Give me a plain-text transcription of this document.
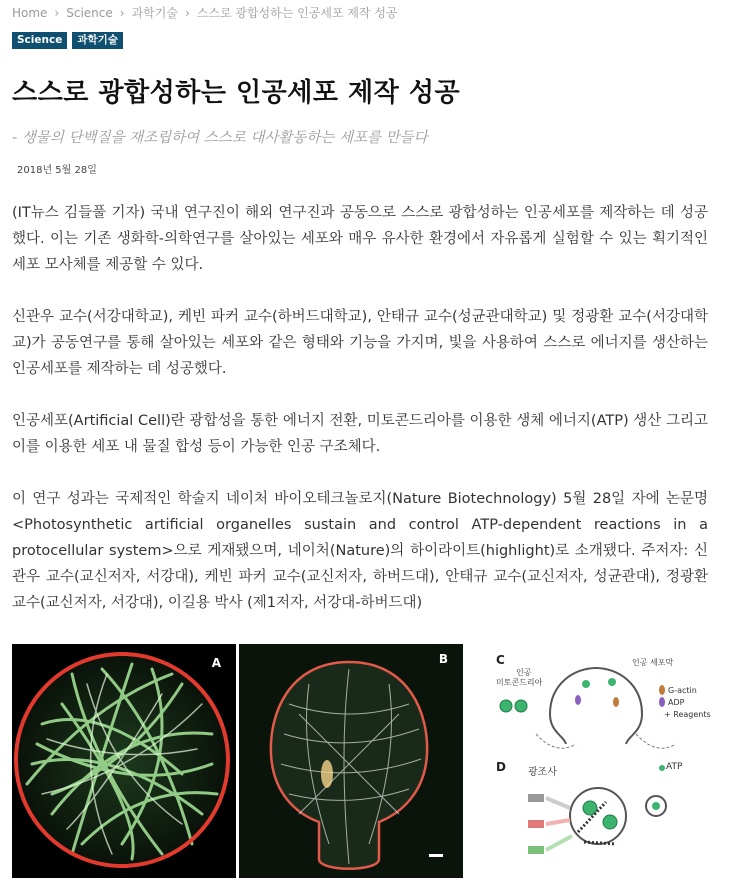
Home › Science › 과학기술 › 스스로 광합성하는 인공세포 제작 성공
Science	과학기술
스스로 광합성하는 인공세포 제작 성공
- 생물의 단백질을 재조립하여 스스로 대사활동하는 세포를 만들다
2018년 5월 28일

(IT뉴스 김들풀 기자) 국내 연구진이 해외 연구진과 공동으로 스스로 광합성하는 인공세포를 제작하는 데 성공했다. 이는 기존 생화학-의학연구를 살아있는 세포와 매우 유사한 환경에서 자유롭게 실험할 수 있는 획기적인 세포 모사체를 제공할 수 있다.

신관우 교수(서강대학교), 케빈 파커 교수(하버드대학교), 안태규 교수(성균관대학교) 및 정광환 교수(서강대학교)가 공동연구를 통해 살아있는 세포와 같은 형태와 기능을 가지며, 빛을 사용하여 스스로 에너지를 생산하는 인공세포를 제작하는 데 성공했다.

인공세포(Artificial Cell)란 광합성을 통한 에너지 전환, 미토콘드리아를 이용한 생체 에너지(ATP) 생산 그리고 이를 이용한 세포 내 물질 합성 등이 가능한 인공 구조체다.

이 연구 성과는 국제적인 학술지 네이처 바이오테크놀로지(Nature Biotechnology) 5월 28일 자에 논문명 <Photosynthetic artificial organelles sustain and control ATP-dependent reactions in a protocellular system>으로 게재됐으며, 네이처(Nature)의 하이라이트(highlight)로 소개됐다. 주저자: 신관우 교수(교신저자, 서강대), 케빈 파커 교수(교신저자, 하버드대), 안태규 교수(교신저자, 성균관대), 정광환 교수(교신저자, 서강대), 이길용 박사 (제1저자, 서강대-하버드대)

A	B	C
D
인공
미토콘드리아
인공 세포막
G-actin
ADP
+ Reagents
광조사	ATP
